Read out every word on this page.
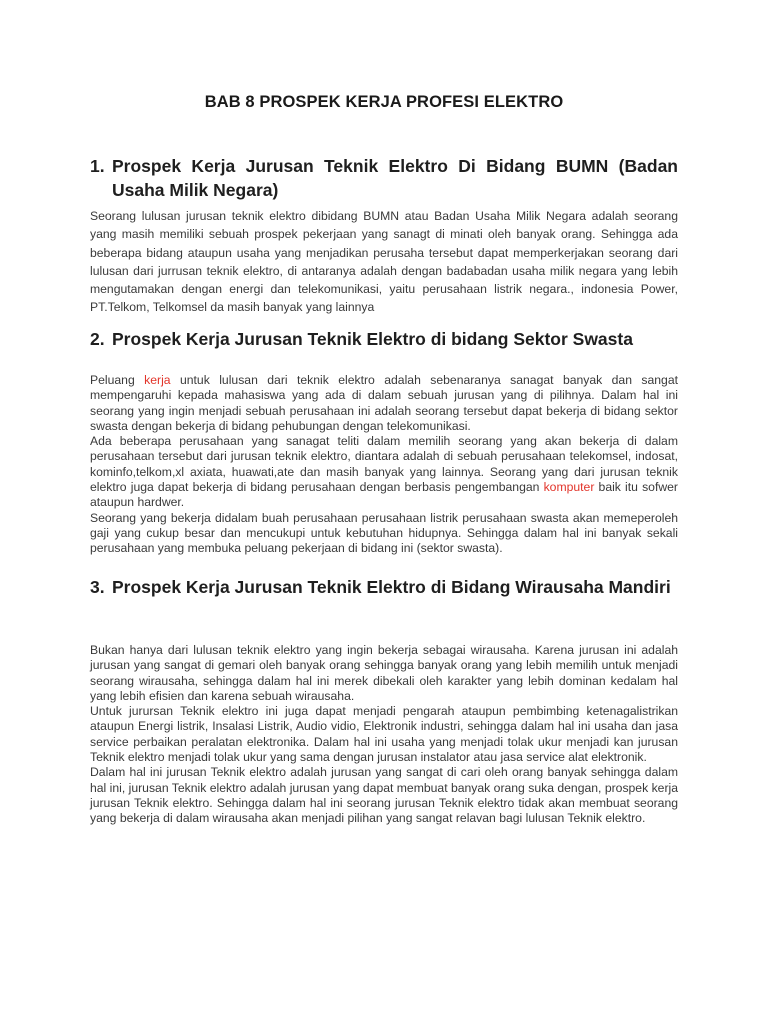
BAB 8 PROSPEK KERJA PROFESI ELEKTRO
1. Prospek Kerja Jurusan Teknik Elektro Di Bidang BUMN (Badan Usaha Milik Negara)

Seorang lulusan jurusan teknik elektro dibidang BUMN atau Badan Usaha Milik Negara adalah seorang yang masih memiliki sebuah prospek pekerjaan yang sanagt di minati oleh banyak orang. Sehingga ada beberapa bidang ataupun usaha yang menjadikan perusaha tersebut dapat memperkerjakan seorang dari lulusan dari jurrusan teknik elektro, di antaranya adalah dengan badabadan usaha milik negara yang lebih mengutamakan dengan energi dan telekomunikasi, yaitu perusahaan listrik negara., indonesia Power, PT.Telkom, Telkomsel da masih banyak yang lainnya

2. Prospek Kerja Jurusan Teknik Elektro di bidang Sektor Swasta

Peluang kerja untuk lulusan dari teknik elektro adalah sebenaranya sanagat banyak dan sangat mempengaruhi kepada mahasiswa yang ada di dalam sebuah jurusan yang di pilihnya. Dalam hal ini seorang yang ingin menjadi sebuah perusahaan ini adalah seorang tersebut dapat bekerja di bidang sektor swasta dengan bekerja di bidang pehubungan dengan telekomunikasi.

Ada beberapa perusahaan yang sanagat teliti dalam memilih seorang yang akan bekerja di dalam perusahaan tersebut dari jurusan teknik elektro, diantara adalah di sebuah perusahaan telekomsel, indosat, kominfo,telkom,xl axiata, huawati,ate dan masih banyak yang lainnya. Seorang yang dari jurusan teknik elektro juga dapat bekerja di bidang perusahaan dengan berbasis pengembangan komputer baik itu sofwer ataupun hardwer.

Seorang yang bekerja didalam buah perusahaan perusahaan listrik perusahaan swasta akan memeperoleh gaji yang cukup besar dan mencukupi untuk kebutuhan hidupnya. Sehingga dalam hal ini banyak sekali perusahaan yang membuka peluang pekerjaan di bidang ini (sektor swasta).

3. Prospek Kerja Jurusan Teknik Elektro di Bidang Wirausaha Mandiri

Bukan hanya dari lulusan teknik elektro yang ingin bekerja sebagai wirausaha. Karena jurusan ini adalah jurusan yang sangat di gemari oleh banyak orang sehingga banyak orang yang lebih memilih untuk menjadi seorang wirausaha, sehingga dalam hal ini merek dibekali oleh karakter yang lebih dominan kedalam hal yang lebih efisien dan karena sebuah wirausaha.

Untuk jurursan Teknik elektro ini juga dapat menjadi pengarah ataupun pembimbing ketenagalistrikan ataupun Energi listrik, Insalasi Listrik, Audio vidio, Elektronik industri, sehingga dalam hal ini usaha dan jasa service perbaikan peralatan elektronika. Dalam hal ini usaha yang menjadi tolak ukur menjadi kan jurusan Teknik elektro menjadi tolak ukur yang sama dengan jurusan instalator atau jasa service alat elektronik.

Dalam hal ini jurusan Teknik elektro adalah jurusan yang sangat di cari oleh orang banyak sehingga dalam hal ini, jurusan Teknik elektro adalah jurusan yang dapat membuat banyak orang suka dengan, prospek kerja jurusan Teknik elektro. Sehingga dalam hal ini seorang jurusan Teknik elektro tidak akan membuat seorang yang bekerja di dalam wirausaha akan menjadi pilihan yang sangat relavan bagi lulusan Teknik elektro.
